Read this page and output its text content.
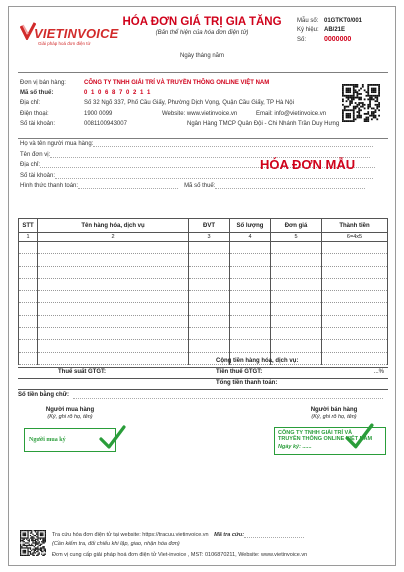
VIETINVOICE
Giải pháp hoá đơn điện tử
HÓA ĐƠN GIÁ TRỊ GIA TĂNG
(Bản thể hiện của hóa đơn điện tử)
Ngày tháng năm
Mẫu số: 01GTKT0/001
Ký hiệu: AB/21E
Số:	0000000
Đơn vị bán hàng:	CÔNG TY TNHH GIẢI TRÍ VÀ TRUYỀN THÔNG ONLINE VIỆT NAM
Mã số thuế:	0 1 0 6 8 7 0 2 1 1
Địa chỉ:	Số 32 Ngõ 337, Phố Cầu Giấy, Phường Dịch Vọng, Quận Cầu Giấy, TP Hà Nội
Điện thoại:	1900 0099	Website: www.vietinvoice.vn	Email: info@vietinvoice.vn
Số tài khoản:	0081100943007	Ngân Hàng TMCP Quân Đội - Chi Nhánh Trần Duy Hưng
Họ và tên người mua hàng:
Tên đơn vị:
Địa chỉ:
Số tài khoản:
Hình thức thanh toán:	Mã số thuế:
HÓA ĐƠN MẪU
STT	Tên hàng hóa, dịch vụ	ĐVT	Số lượng	Đơn giá	Thành tiền
1	2	3	4	5	6=4x5

Cộng tiền hàng hóa, dịch vụ:
Thuế suất GTGT:	Tiền thuế GTGT:	...%
Tổng tiền thanh toán:
Số tiền bằng chữ:
Người mua hàng
(Ký, ghi rõ họ, tên)
Người mua ký
Người bán hàng
(Ký, ghi rõ họ, tên)
CÔNG TY TNHH GIẢI TRÍ VÀ
TRUYỀN THÔNG ONLINE VIỆT NAM
Ngày ký: ......
Tra cứu hóa đơn điện tử tại website: https://tracuu.vietinvoice.vn Mã tra cứu:
(Cần kiểm tra, đối chiếu khi lập, giao, nhận hóa đơn)
Đơn vị cung cấp giải pháp hoá đơn điện tử Viet-invoice , MST: 0106870211, Website: www.vietinvoice.vn
